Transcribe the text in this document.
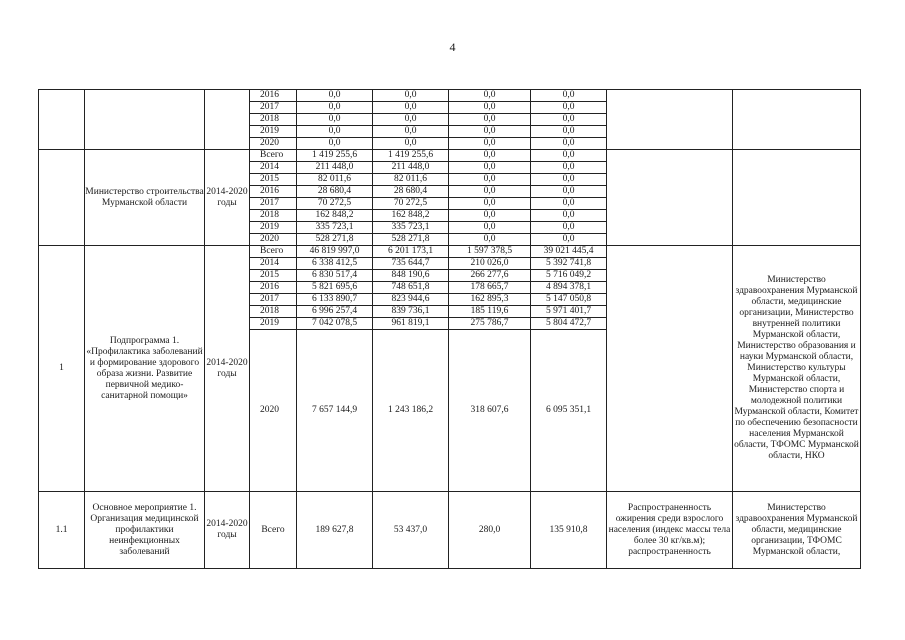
4
			2016	0,0	0,0	0,0	0,0		
			2017	0,0	0,0	0,0	0,0		
			2018	0,0	0,0	0,0	0,0		
			2019	0,0	0,0	0,0	0,0		
			2020	0,0	0,0	0,0	0,0		
	Министерство строительства Мурманской области	2014-2020 годы	Всего	1 419 255,6	1 419 255,6	0,0	0,0		
			2014	211 448,0	211 448,0	0,0	0,0		
			2015	82 011,6	82 011,6	0,0	0,0		
			2016	28 680,4	28 680,4	0,0	0,0		
			2017	70 272,5	70 272,5	0,0	0,0		
			2018	162 848,2	162 848,2	0,0	0,0		
			2019	335 723,1	335 723,1	0,0	0,0		
			2020	528 271,8	528 271,8	0,0	0,0		
1	Подпрограмма 1. «Профилактика заболеваний и формирование здорового образа жизни. Развитие первичной медико-санитарной помощи»	2014-2020 годы	Всего	46 819 997,0	6 201 173,1	1 597 378,5	39 021 445,4		Министерство здравоохранения Мурманской области, медицинские организации, Министерство внутренней политики Мурманской области, Министерство образования и науки Мурманской области, Министерство культуры Мурманской области, Министерство спорта и молодежной политики Мурманской области, Комитет по обеспечению безопасности населения Мурманской области, ТФОМС Мурманской области, НКО
			2014	6 338 412,5	735 644,7	210 026,0	5 392 741,8		
			2015	6 830 517,4	848 190,6	266 277,6	5 716 049,2		
			2016	5 821 695,6	748 651,8	178 665,7	4 894 378,1		
			2017	6 133 890,7	823 944,6	162 895,3	5 147 050,8		
			2018	6 996 257,4	839 736,1	185 119,6	5 971 401,7		
			2019	7 042 078,5	961 819,1	275 786,7	5 804 472,7		
			2020	7 657 144,9	1 243 186,2	318 607,6	6 095 351,1		
1.1	Основное мероприятие 1. Организация медицинской профилактики неинфекционных заболеваний	2014-2020 годы	Всего	189 627,8	53 437,0	280,0	135 910,8	Распространенность ожирения среди взрослого населения (индекс массы тела более 30 кг/кв.м); распространенность	Министерство здравоохранения Мурманской области, медицинские организации, ТФОМС Мурманской области,
